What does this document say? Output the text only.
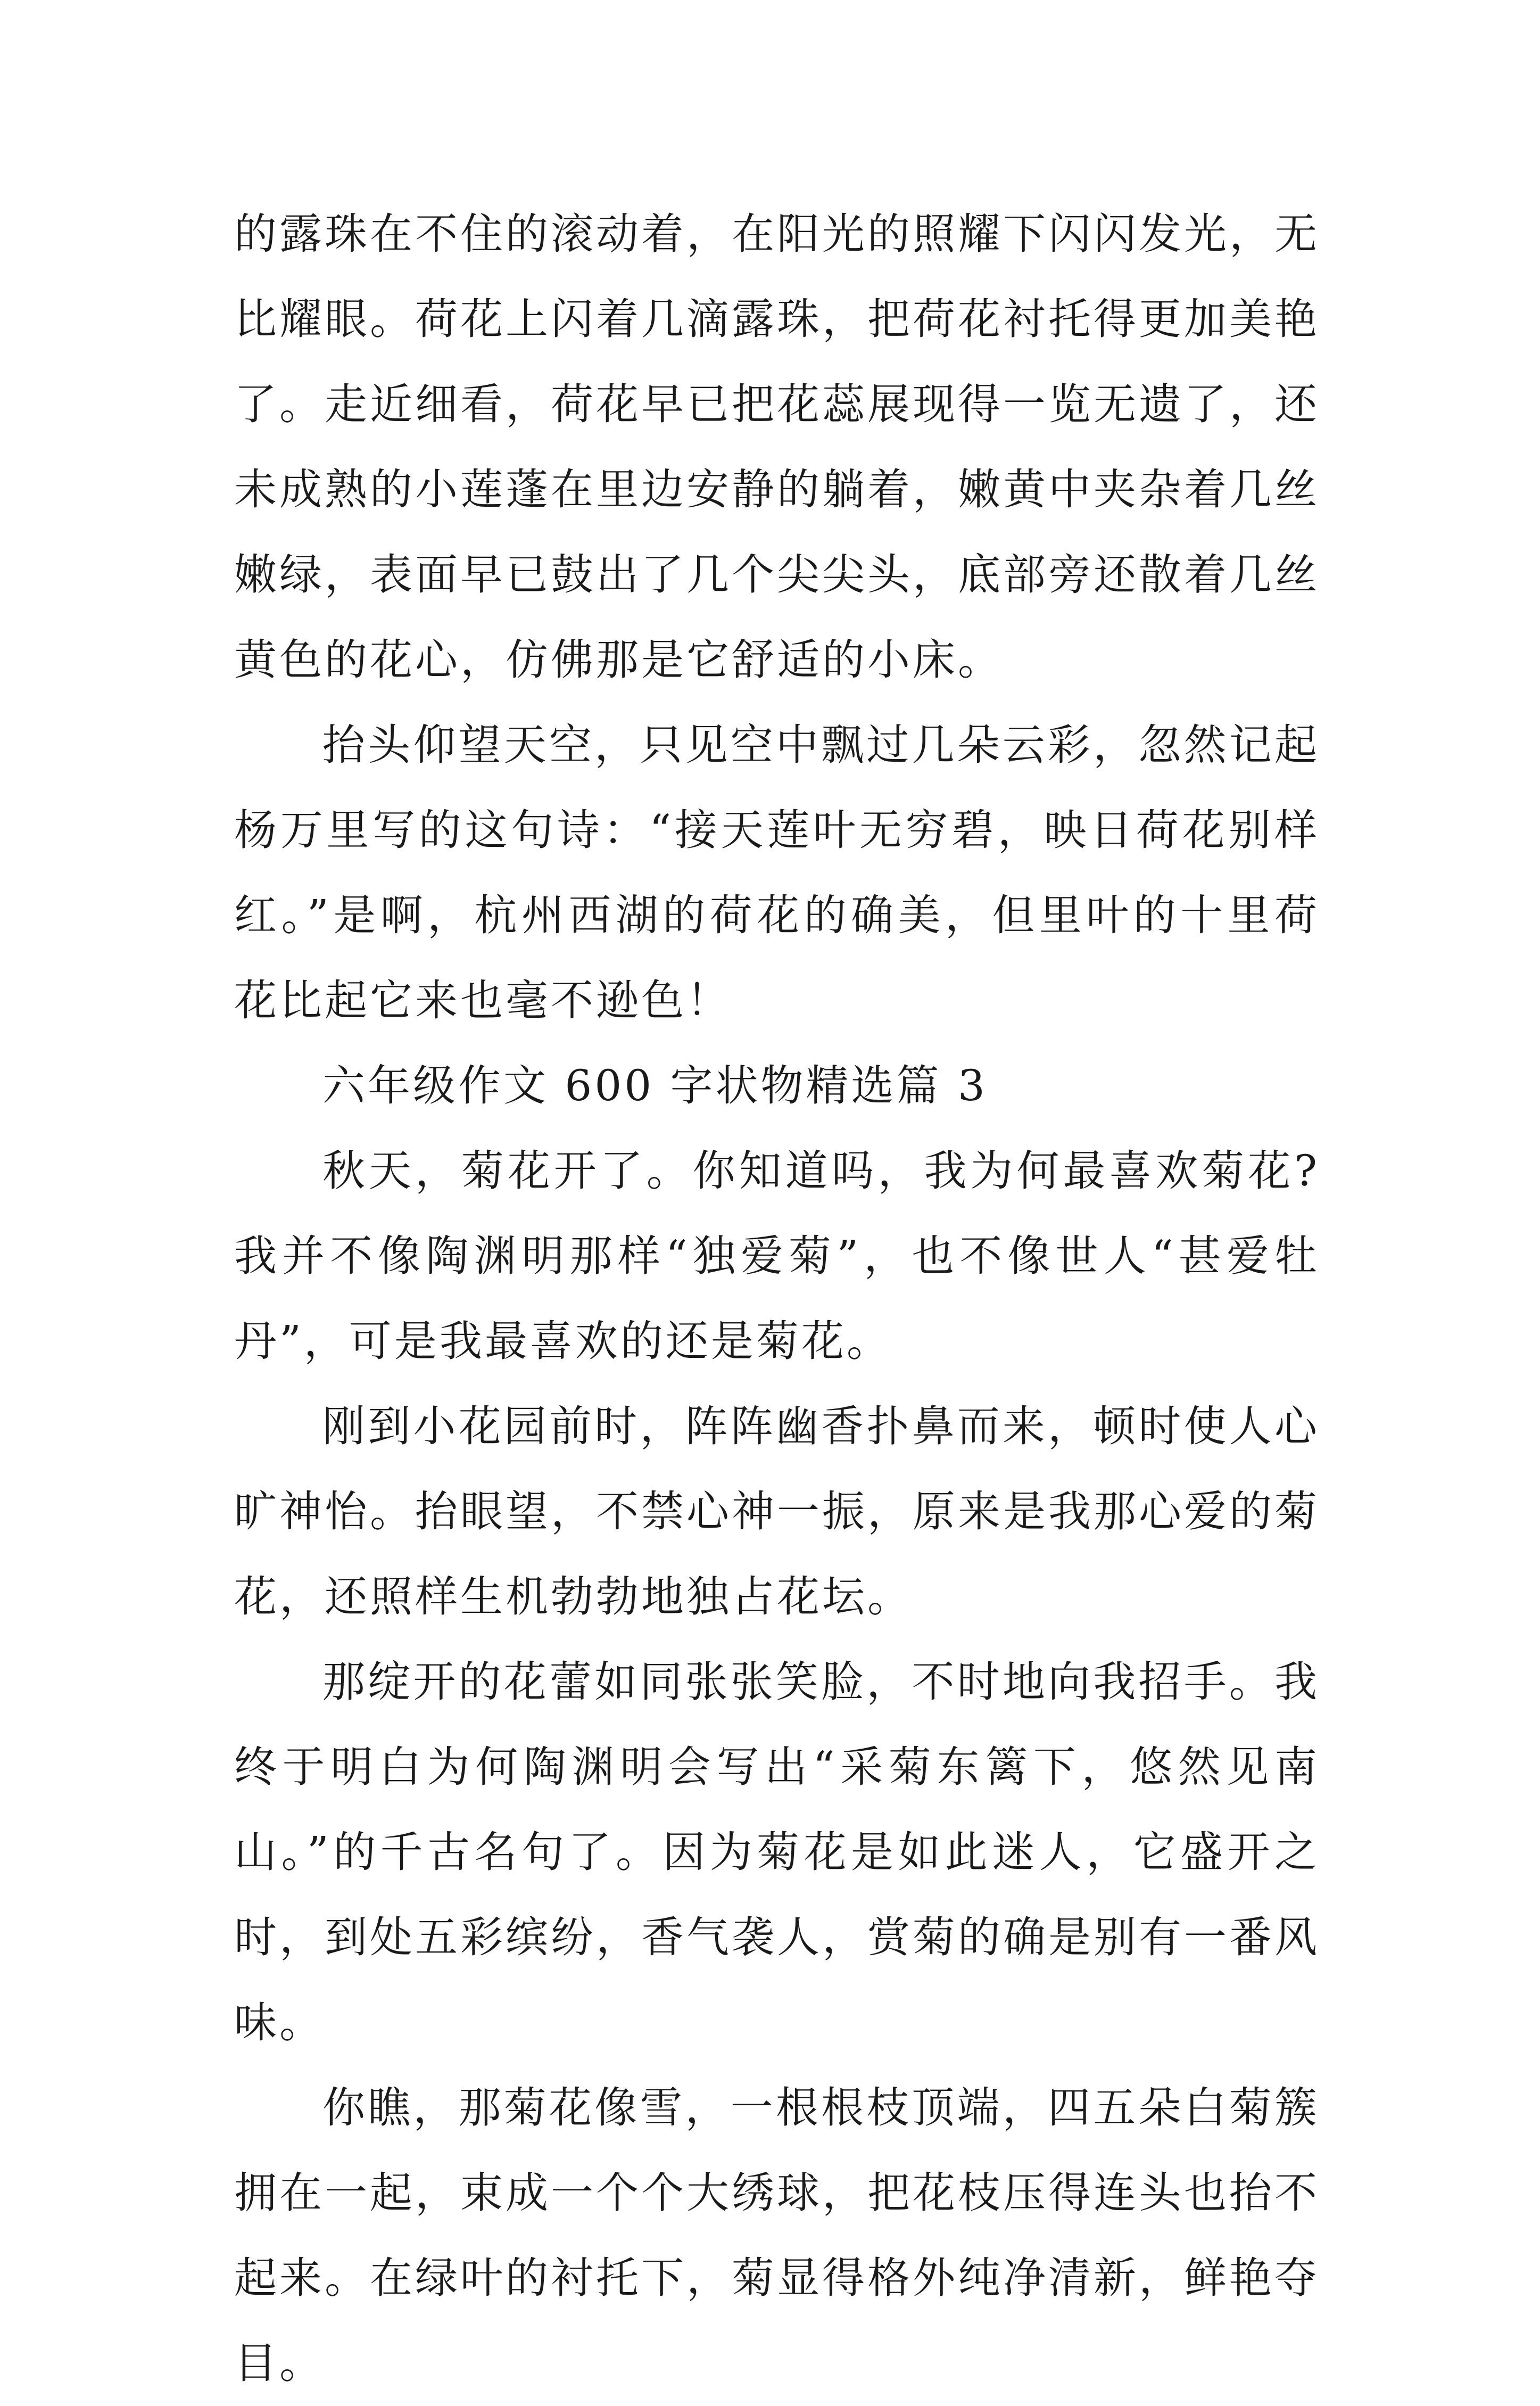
的露珠在不住的滚动着，在阳光的照耀下闪闪发光，无比耀眼。荷花上闪着几滴露珠，把荷花衬托得更加美艳了。走近细看，荷花早已把花蕊展现得一览无遗了，还未成熟的小莲蓬在里边安静的躺着，嫩黄中夹杂着几丝嫩绿，表面早已鼓出了几个尖尖头，底部旁还散着几丝黄色的花心，仿佛那是它舒适的小床。

抬头仰望天空，只见空中飘过几朵云彩，忽然记起杨万里写的这句诗：“接天莲叶无穷碧，映日荷花别样红。”是啊，杭州西湖的荷花的确美，但里叶的十里荷花比起它来也毫不逊色！

六年级作文 600 字状物精选篇 3

秋天，菊花开了。你知道吗，我为何最喜欢菊花?我并不像陶渊明那样“独爱菊”，也不像世人“甚爱牡丹”，可是我最喜欢的还是菊花。

刚到小花园前时，阵阵幽香扑鼻而来，顿时使人心旷神怡。抬眼望，不禁心神一振，原来是我那心爱的菊花，还照样生机勃勃地独占花坛。

那绽开的花蕾如同张张笑脸，不时地向我招手。我终于明白为何陶渊明会写出“采菊东篱下，悠然见南山。”的千古名句了。因为菊花是如此迷人，它盛开之时，到处五彩缤纷，香气袭人，赏菊的确是别有一番风味。

你瞧，那菊花像雪，一根根枝顶端，四五朵白菊簇拥在一起，束成一个个大绣球，把花枝压得连头也抬不起来。在绿叶的衬托下，菊显得格外纯净清新，鲜艳夺目。
